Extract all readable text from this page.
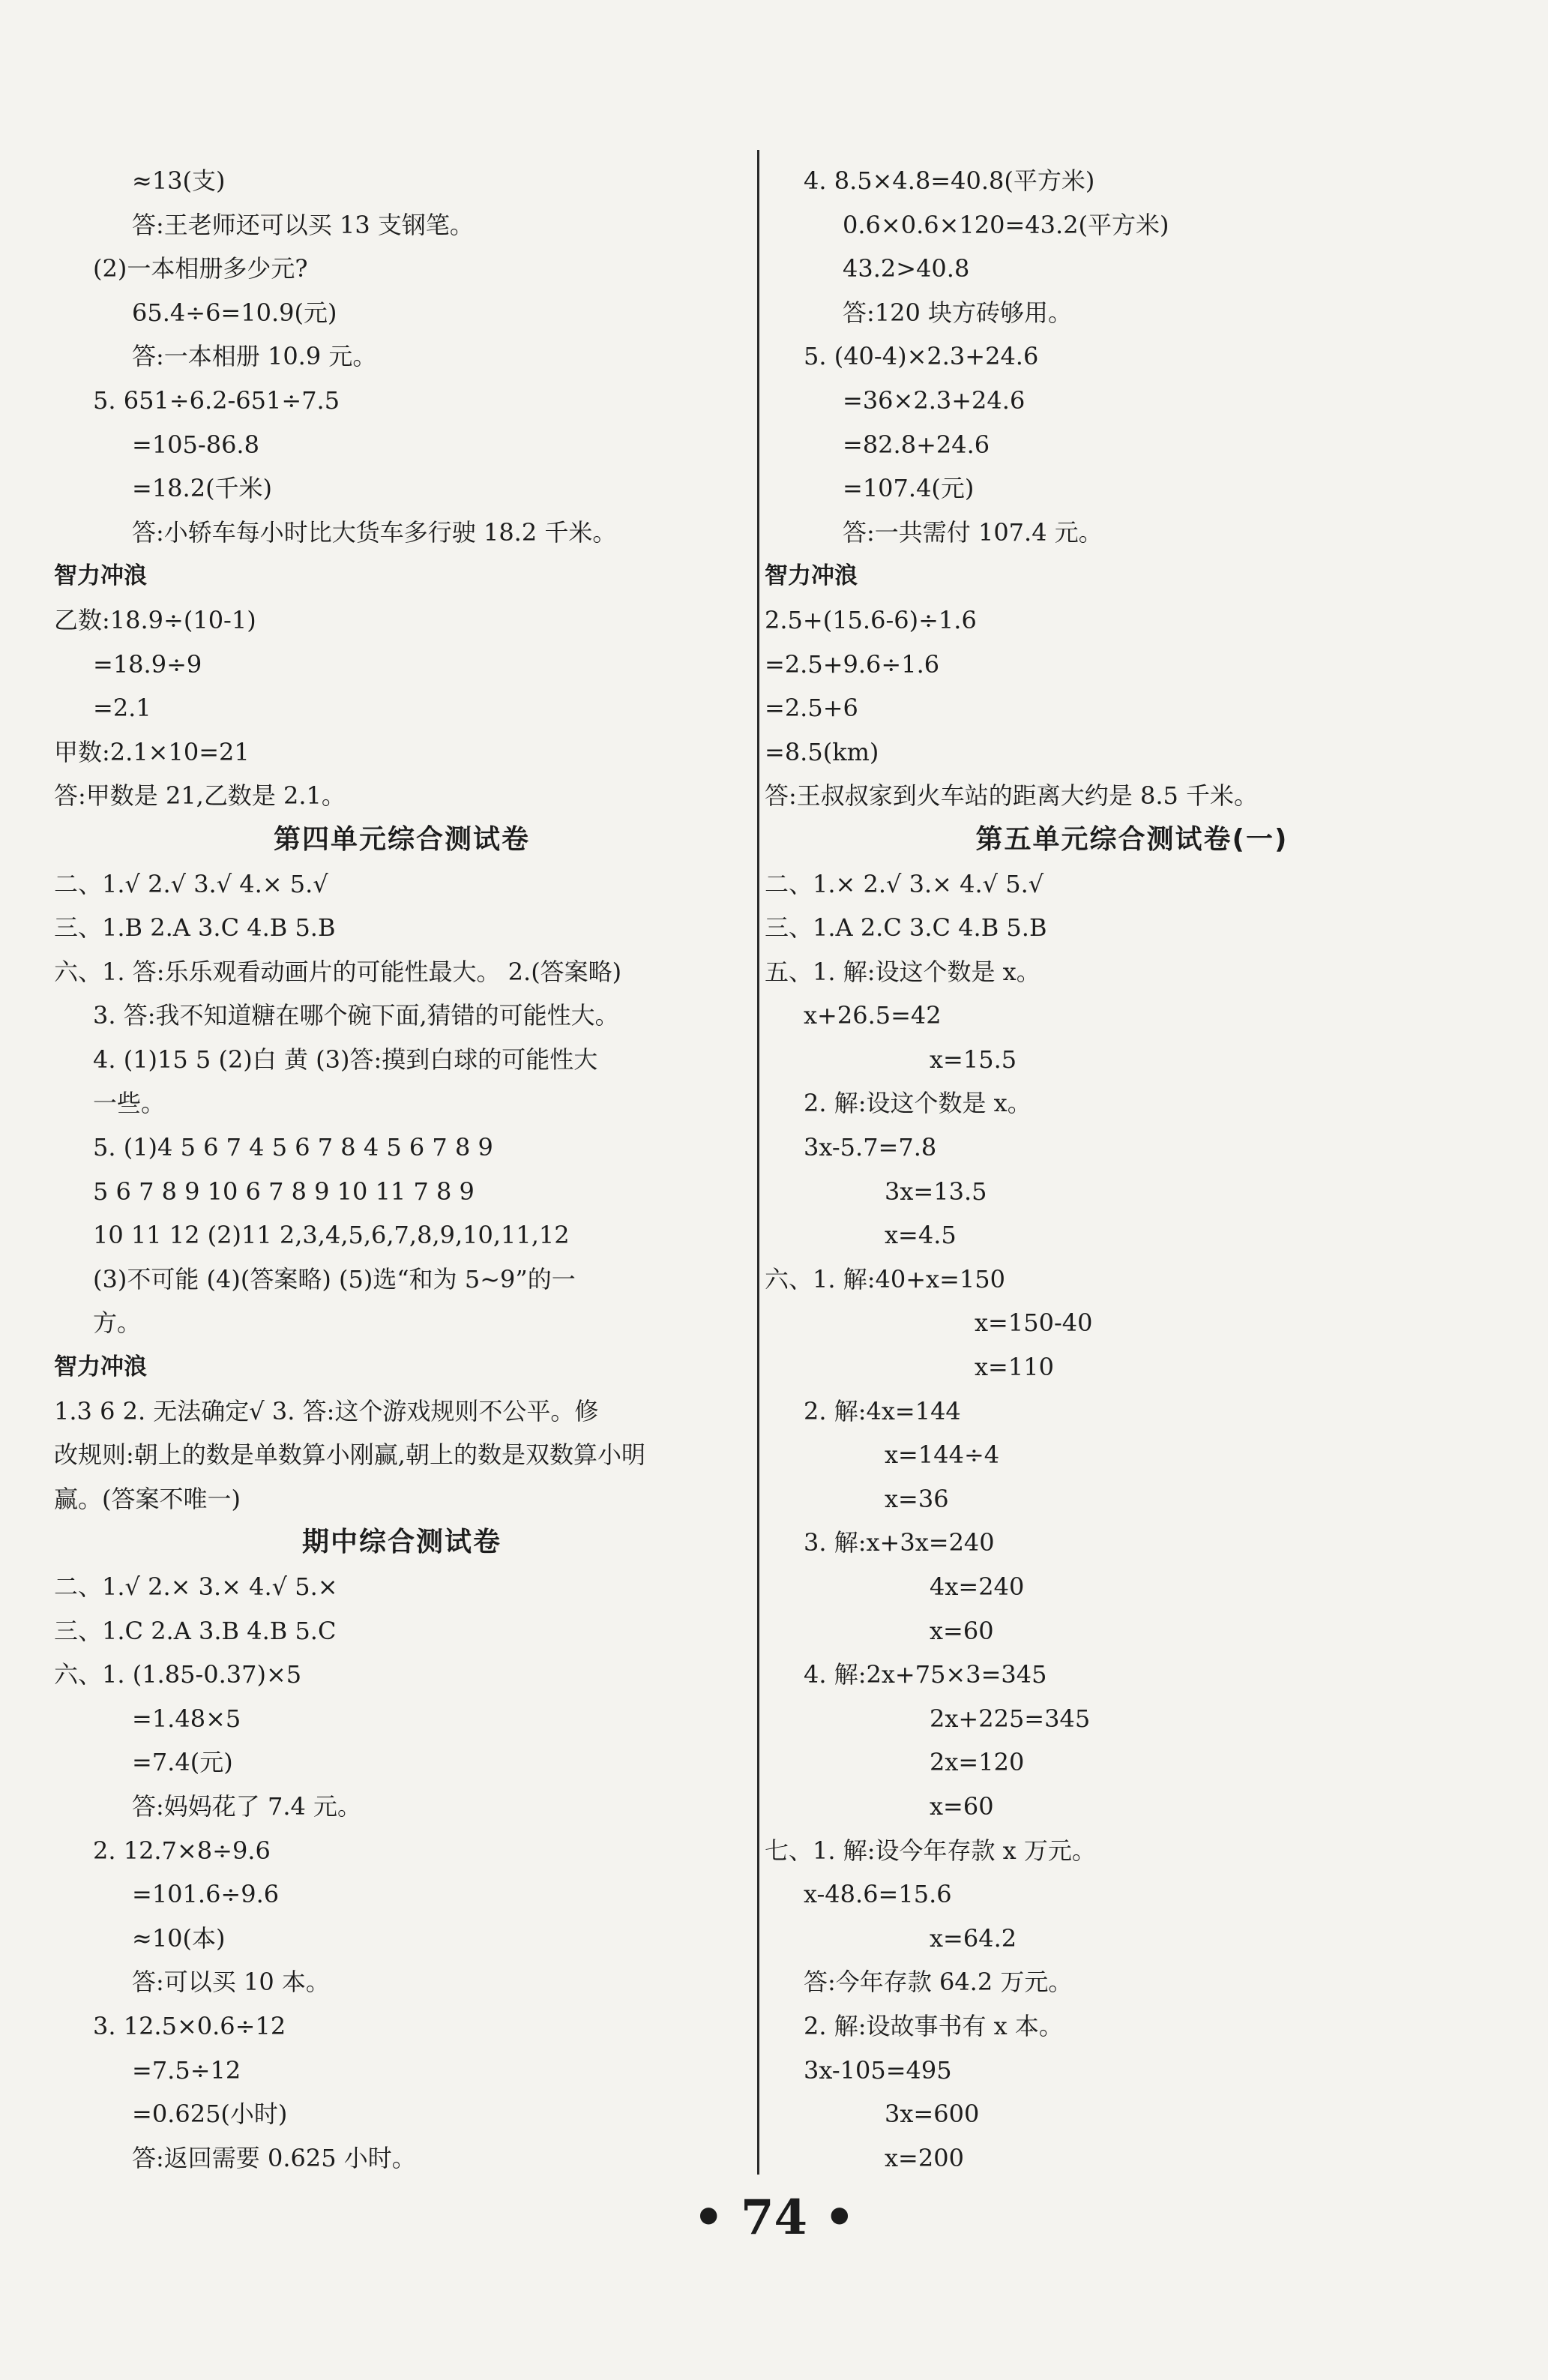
≈13(支)
答:王老师还可以买 13 支钢笔。
(2)一本相册多少元?
65.4÷6=10.9(元)
答:一本相册 10.9 元。
5. 651÷6.2-651÷7.5
=105-86.8
=18.2(千米)
答:小轿车每小时比大货车多行驶 18.2 千米。
智力冲浪
乙数:18.9÷(10-1)
=18.9÷9
=2.1
甲数:2.1×10=21
答:甲数是 21,乙数是 2.1。
第四单元综合测试卷
二、1.√ 2.√ 3.√ 4.× 5.√
三、1.B 2.A 3.C 4.B 5.B
六、1. 答:乐乐观看动画片的可能性最大。 2.(答案略)
3. 答:我不知道糖在哪个碗下面,猜错的可能性大。
4. (1)15 5 (2)白 黄 (3)答:摸到白球的可能性大
一些。
5. (1)4 5 6 7 4 5 6 7 8 4 5 6 7 8 9
5 6 7 8 9 10 6 7 8 9 10 11 7 8 9
10 11 12 (2)11 2,3,4,5,6,7,8,9,10,11,12
(3)不可能 (4)(答案略) (5)选“和为 5~9”的一
方。
智力冲浪
1.3 6 2. 无法确定√ 3. 答:这个游戏规则不公平。修
改规则:朝上的数是单数算小刚赢,朝上的数是双数算小明
赢。(答案不唯一)
期中综合测试卷
二、1.√ 2.× 3.× 4.√ 5.×
三、1.C 2.A 3.B 4.B 5.C
六、1. (1.85-0.37)×5
=1.48×5
=7.4(元)
答:妈妈花了 7.4 元。
2. 12.7×8÷9.6
=101.6÷9.6
≈10(本)
答:可以买 10 本。
3. 12.5×0.6÷12
=7.5÷12
=0.625(小时)
答:返回需要 0.625 小时。
4. 8.5×4.8=40.8(平方米)
0.6×0.6×120=43.2(平方米)
43.2>40.8
答:120 块方砖够用。
5. (40-4)×2.3+24.6
=36×2.3+24.6
=82.8+24.6
=107.4(元)
答:一共需付 107.4 元。
智力冲浪
2.5+(15.6-6)÷1.6
=2.5+9.6÷1.6
=2.5+6
=8.5(km)
答:王叔叔家到火车站的距离大约是 8.5 千米。
第五单元综合测试卷(一)
二、1.× 2.√ 3.× 4.√ 5.√
三、1.A 2.C 3.C 4.B 5.B
五、1. 解:设这个数是 x。
x+26.5=42
x=15.5
2. 解:设这个数是 x。
3x-5.7=7.8
3x=13.5
x=4.5
六、1. 解:40+x=150
x=150-40
x=110
2. 解:4x=144
x=144÷4
x=36
3. 解:x+3x=240
4x=240
x=60
4. 解:2x+75×3=345
2x+225=345
2x=120
x=60
七、1. 解:设今年存款 x 万元。
x-48.6=15.6
x=64.2
答:今年存款 64.2 万元。
2. 解:设故事书有 x 本。
3x-105=495
3x=600
x=200
• 74 •
